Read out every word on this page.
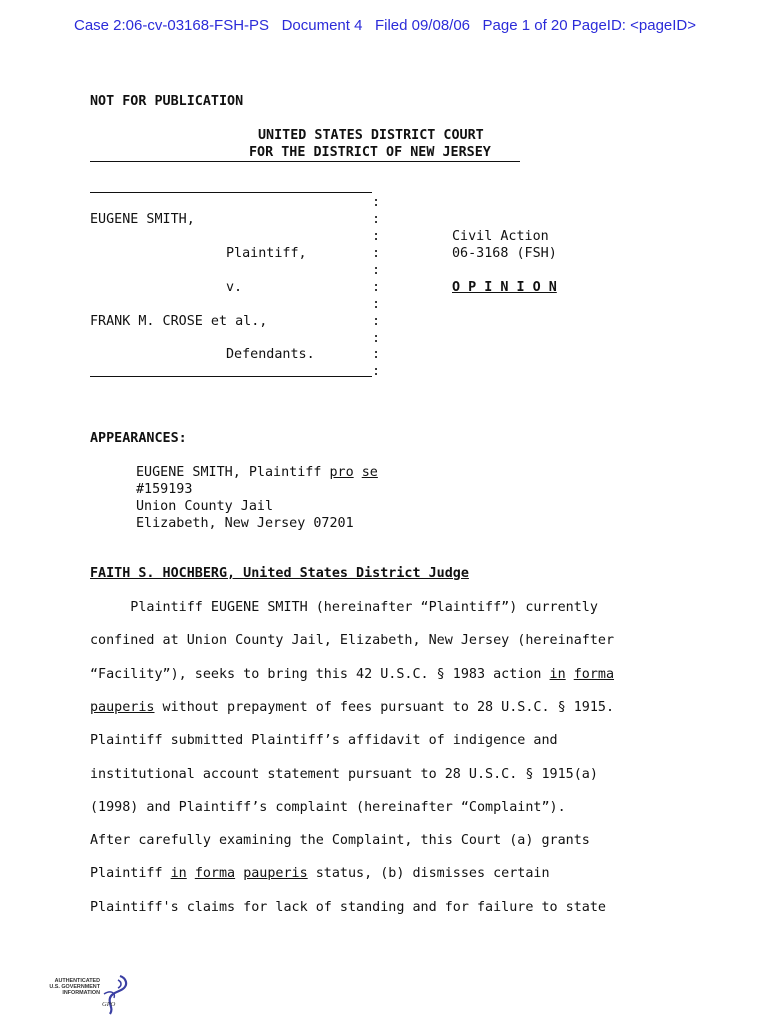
Case 2:06-cv-03168-FSH-PS   Document 4   Filed 09/08/06   Page 1 of 20 PageID: <pageID>
NOT FOR PUBLICATION
UNITED STATES DISTRICT COURT
FOR THE DISTRICT OF NEW JERSEY
:
EUGENE SMITH,	:
:	Civil Action
Plaintiff,	:	06-3168 (FSH)
:
v.	:	O P I N I O N
:
FRANK M. CROSE et al.,	:
:
Defendants.	:
:
APPEARANCES:
EUGENE SMITH, Plaintiff pro se
#159193
Union County Jail
Elizabeth, New Jersey 07201
FAITH S. HOCHBERG, United States District Judge
Plaintiff EUGENE SMITH (hereinafter “Plaintiff”) currently
confined at Union County Jail, Elizabeth, New Jersey (hereinafter
“Facility”), seeks to bring this 42 U.S.C. § 1983 action in forma
pauperis without prepayment of fees pursuant to 28 U.S.C. § 1915.
Plaintiff submitted Plaintiff’s affidavit of indigence and
institutional account statement pursuant to 28 U.S.C. § 1915(a)
(1998) and Plaintiff’s complaint (hereinafter “Complaint”).
After carefully examining the Complaint, this Court (a) grants
Plaintiff in forma pauperis status, (b) dismisses certain
Plaintiff's claims for lack of standing and for failure to state
AUTHENTICATED
U.S. GOVERNMENT
INFORMATION
GPO
